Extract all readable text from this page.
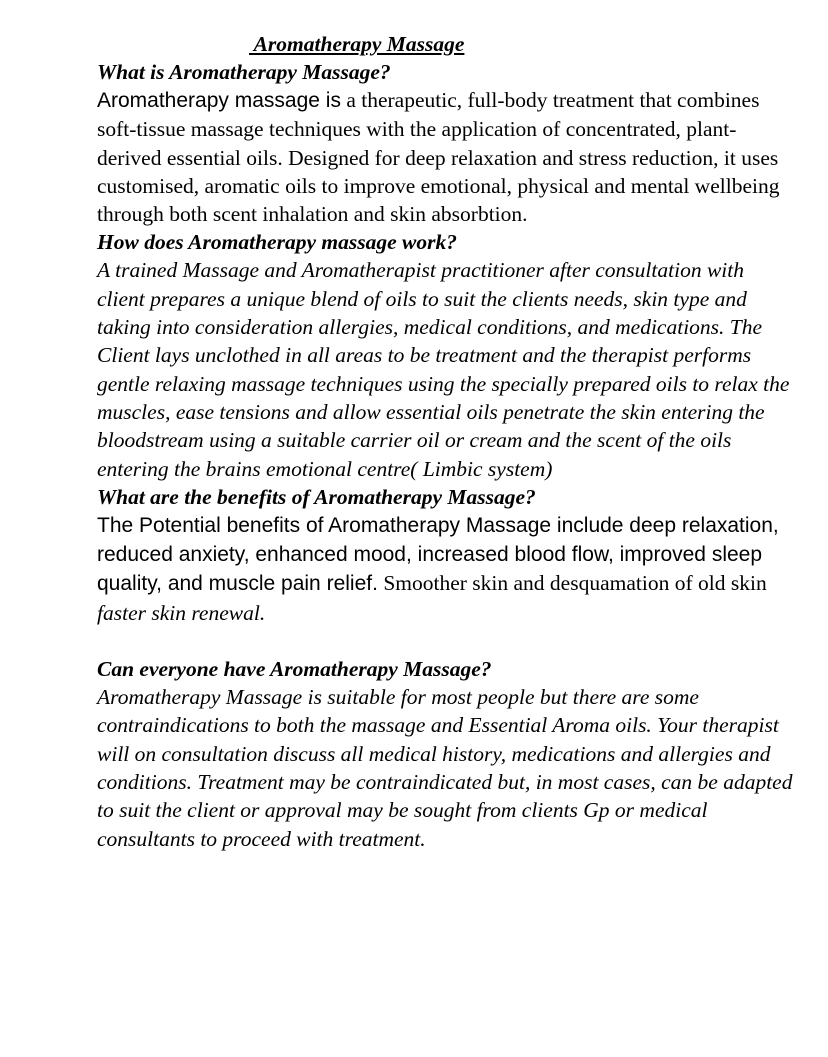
Aromatherapy Massage

What is Aromatherapy Massage?

Aromatherapy massage is a therapeutic, full-body treatment that combines soft-tissue massage techniques with the application of concentrated, plant-derived essential oils. Designed for deep relaxation and stress reduction, it uses customised, aromatic oils to improve emotional, physical and mental wellbeing through both scent inhalation and skin absorbtion.

How does Aromatherapy massage work?

A trained Massage and Aromatherapist practitioner after consultation with client prepares a unique blend of oils to suit the clients needs, skin type and taking into consideration allergies, medical conditions, and medications. The Client lays unclothed in all areas to be treatment and the therapist performs gentle relaxing massage techniques using the specially prepared oils to relax the muscles, ease tensions and allow essential oils penetrate the skin entering the bloodstream using a suitable carrier oil or cream and the scent of the oils entering the brains emotional centre( Limbic system)

What are the benefits of Aromatherapy Massage?

The Potential benefits of Aromatherapy Massage include deep relaxation, reduced anxiety, enhanced mood, increased blood flow, improved sleep quality, and muscle pain relief. Smoother skin and desquamation of old skin faster skin renewal.

Can everyone have Aromatherapy Massage?

Aromatherapy Massage is suitable for most people but there are some contraindications to both the massage and Essential Aroma oils. Your therapist will on consultation discuss all medical history, medications and allergies and conditions. Treatment may be contraindicated but, in most cases, can be adapted to suit the client or approval may be sought from clients Gp or medical consultants to proceed with treatment.
